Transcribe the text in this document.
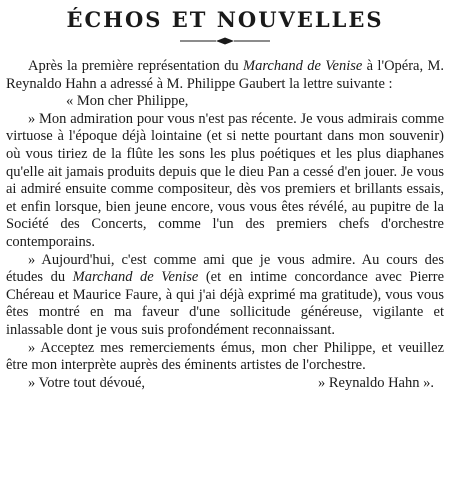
ÉCHOS ET NOUVELLES

Après la première représentation du Marchand de Venise à l'Opéra, M. Reynaldo Hahn a adressé à M. Philippe Gaubert la lettre suivante :

« Mon cher Philippe,

» Mon admiration pour vous n'est pas récente. Je vous admirais comme virtuose à l'époque déjà lointaine (et si nette pourtant dans mon souvenir) où vous tiriez de la flûte les sons les plus poétiques et les plus diaphanes qu'elle ait jamais produits depuis que le dieu Pan a cessé d'en jouer. Je vous ai admiré ensuite comme compositeur, dès vos premiers et brillants essais, et enfin lorsque, bien jeune encore, vous vous êtes révélé, au pupitre de la Société des Concerts, comme l'un des premiers chefs d'orchestre contemporains.

» Aujourd'hui, c'est comme ami que je vous admire. Au cours des études du Marchand de Venise (et en intime concordance avec Pierre Chéreau et Maurice Faure, à qui j'ai déjà exprimé ma gratitude), vous vous êtes montré en ma faveur d'une sollicitude généreuse, vigilante et inlassable dont je vous suis profondément reconnaissant.

» Acceptez mes remerciements émus, mon cher Philippe, et veuillez être mon interprète auprès des éminents artistes de l'orchestre.

» Votre tout dévoué,	» Reynaldo Hahn ».
